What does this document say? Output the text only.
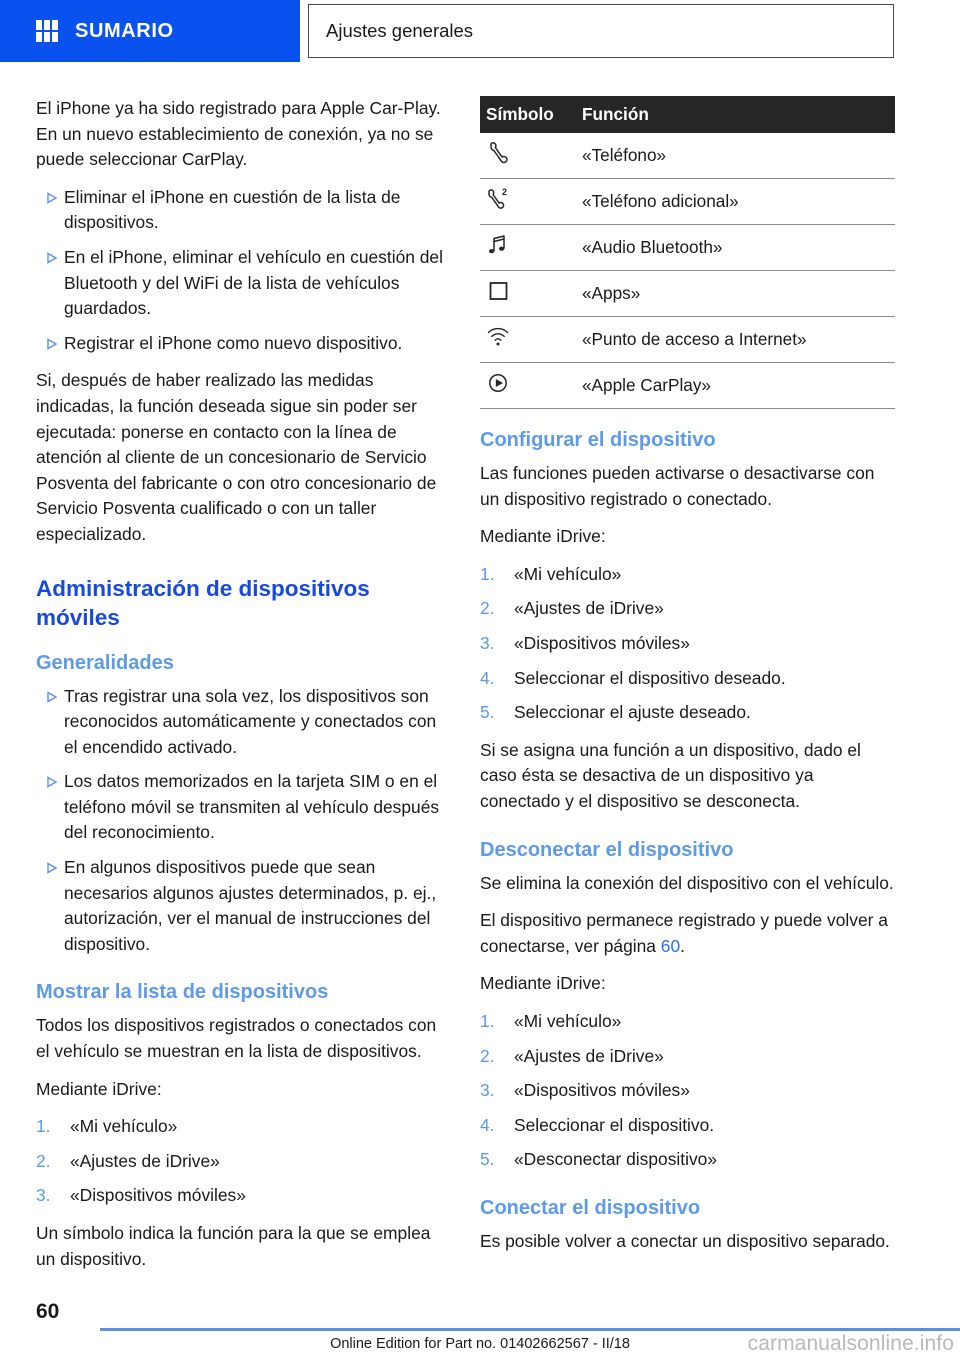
SUMARIO	Ajustes generales

El iPhone ya ha sido registrado para Apple Car-Play. En un nuevo establecimiento de conexión, ya no se puede seleccionar CarPlay.

Eliminar el iPhone en cuestión de la lista de dispositivos.
En el iPhone, eliminar el vehículo en cuestión del Bluetooth y del WiFi de la lista de vehículos guardados.
Registrar el iPhone como nuevo dispositivo.

Si, después de haber realizado las medidas indicadas, la función deseada sigue sin poder ser ejecutada: ponerse en contacto con la línea de atención al cliente de un concesionario de Servicio Posventa del fabricante o con otro concesionario de Servicio Posventa cualificado o con un taller especializado.

Administración de dispositivos móviles
Generalidades
Tras registrar una sola vez, los dispositivos son reconocidos automáticamente y conectados con el encendido activado.
Los datos memorizados en la tarjeta SIM o en el teléfono móvil se transmiten al vehículo después del reconocimiento.
En algunos dispositivos puede que sean necesarios algunos ajustes determinados, p. ej., autorización, ver el manual de instrucciones del dispositivo.
Mostrar la lista de dispositivos

Todos los dispositivos registrados o conectados con el vehículo se muestran en la lista de dispositivos.

Mediante iDrive:

1. «Mi vehículo»
2. «Ajustes de iDrive»
3. «Dispositivos móviles»

Un símbolo indica la función para la que se emplea un dispositivo.

Símbolo	Función
	«Teléfono»

2	«Teléfono adicional»
	«Audio Bluetooth»
	«Apps»
	«Punto de acceso a Internet»
	«Apple CarPlay»
Configurar el dispositivo

Las funciones pueden activarse o desactivarse con un dispositivo registrado o conectado.

Mediante iDrive:

1. «Mi vehículo»
2. «Ajustes de iDrive»
3. «Dispositivos móviles»
4. Seleccionar el dispositivo deseado.
5. Seleccionar el ajuste deseado.

Si se asigna una función a un dispositivo, dado el caso ésta se desactiva de un dispositivo ya conectado y el dispositivo se desconecta.

Desconectar el dispositivo

Se elimina la conexión del dispositivo con el vehículo.

El dispositivo permanece registrado y puede volver a conectarse, ver página 60.

Mediante iDrive:

1. «Mi vehículo»
2. «Ajustes de iDrive»
3. «Dispositivos móviles»
4. Seleccionar el dispositivo.
5. «Desconectar dispositivo»
Conectar el dispositivo

Es posible volver a conectar un dispositivo separado.

60
Online Edition for Part no. 01402662567 - II/18	carmanualsonline.info
